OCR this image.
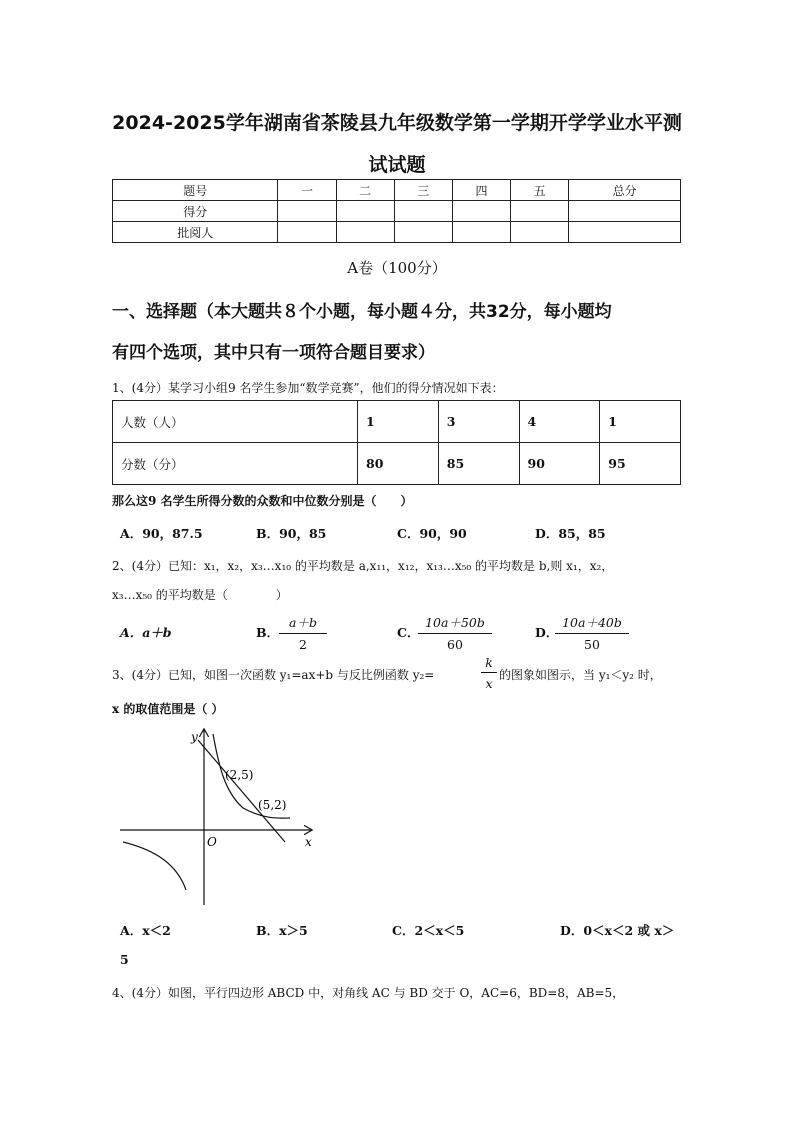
2024-2025学年湖南省茶陵县九年级数学第一学期开学学业水平测
试试题
题号	一	二	三	四	五	总分
得分						
批阅人						
A卷（100分）
一、选择题（本大题共８个小题，每小题４分，共32分，每小题均
有四个选项，其中只有一项符合题目要求）
1、(4分）某学习小组9 名学生参加“数学竞赛”，他们的得分情况如下表：
人数（人）	1	3	4	1
分数（分）	80	85	90	95
那么这9 名学生所得分数的众数和中位数分别是（　　）
A．90，87.5	B．90，85	C．90，90	D．85，85
2、(4分）已知：x₁，x₂，x₃…x₁₀ 的平均数是 a,x₁₁，x₁₂，x₁₃…x₅₀ 的平均数是 b,则 x₁，x₂，
x₃…x₅₀ 的平均数是（　　　　）
A．a＋b	B． $\frac{a+b}{2}$	C．
$\frac{10a+50b}{60}$	D．
$\frac{10a+40b}{50}$
3、(4分）已知，如图一次函数 y₁=ax+b 与反比例函数 y₂=	$\frac{k}{x}$ 的图象如图示，当 y₁＜y₂ 时，
x 的取值范围是（ ）
y
x
O
(2,5)
(5,2)
A．x＜2	B．x＞5	C．2＜x＜5	D．0＜x＜2 或 x＞
5
4、(4分）如图，平行四边形 ABCD 中，对角线 AC 与 BD 交于 O，AC=6，BD=8，AB=5，
